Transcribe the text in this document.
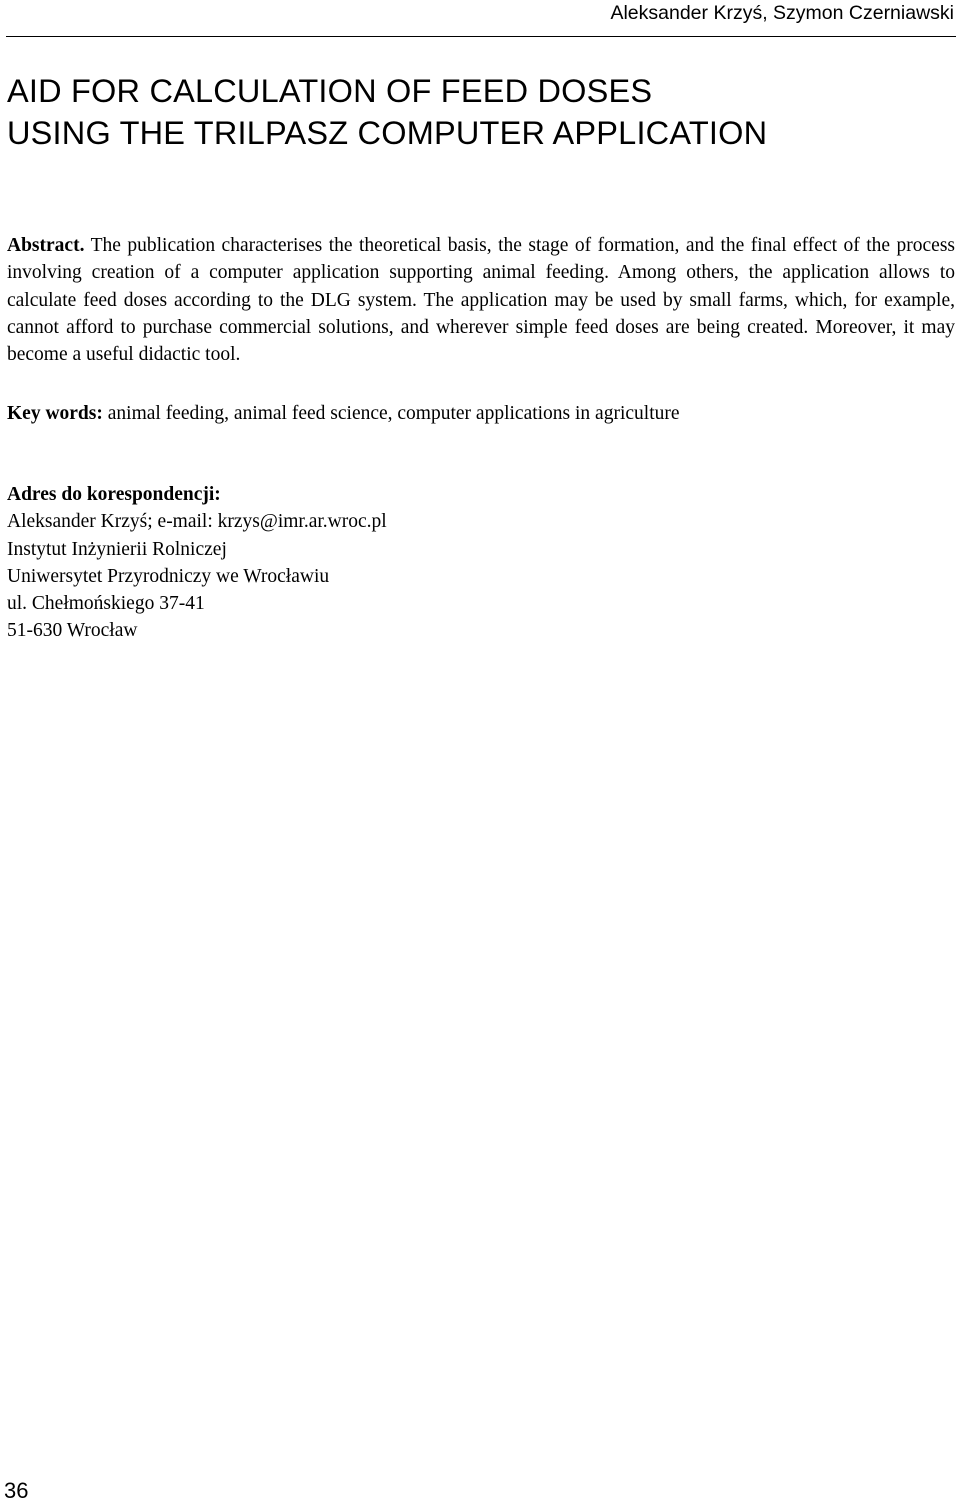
Aleksander Krzyś, Szymon Czerniawski
AID FOR CALCULATION OF FEED DOSES
USING THE TRILPASZ COMPUTER APPLICATION

Abstract. The publication characterises the theoretical basis, the stage of formation, and the final effect of the process involving creation of a computer application supporting animal feeding. Among others, the application allows to calculate feed doses according to the DLG system. The application may be used by small farms, which, for example, cannot afford to purchase commercial solutions, and wherever simple feed doses are being created. Moreover, it may become a useful didactic tool.

Key words: animal feeding, animal feed science, computer applications in agriculture

Adres do korespondencji:
Aleksander Krzyś; e-mail: krzys@imr.ar.wroc.pl
Instytut Inżynierii Rolniczej
Uniwersytet Przyrodniczy we Wrocławiu
ul. Chełmońskiego 37-41
51-630 Wrocław
36
